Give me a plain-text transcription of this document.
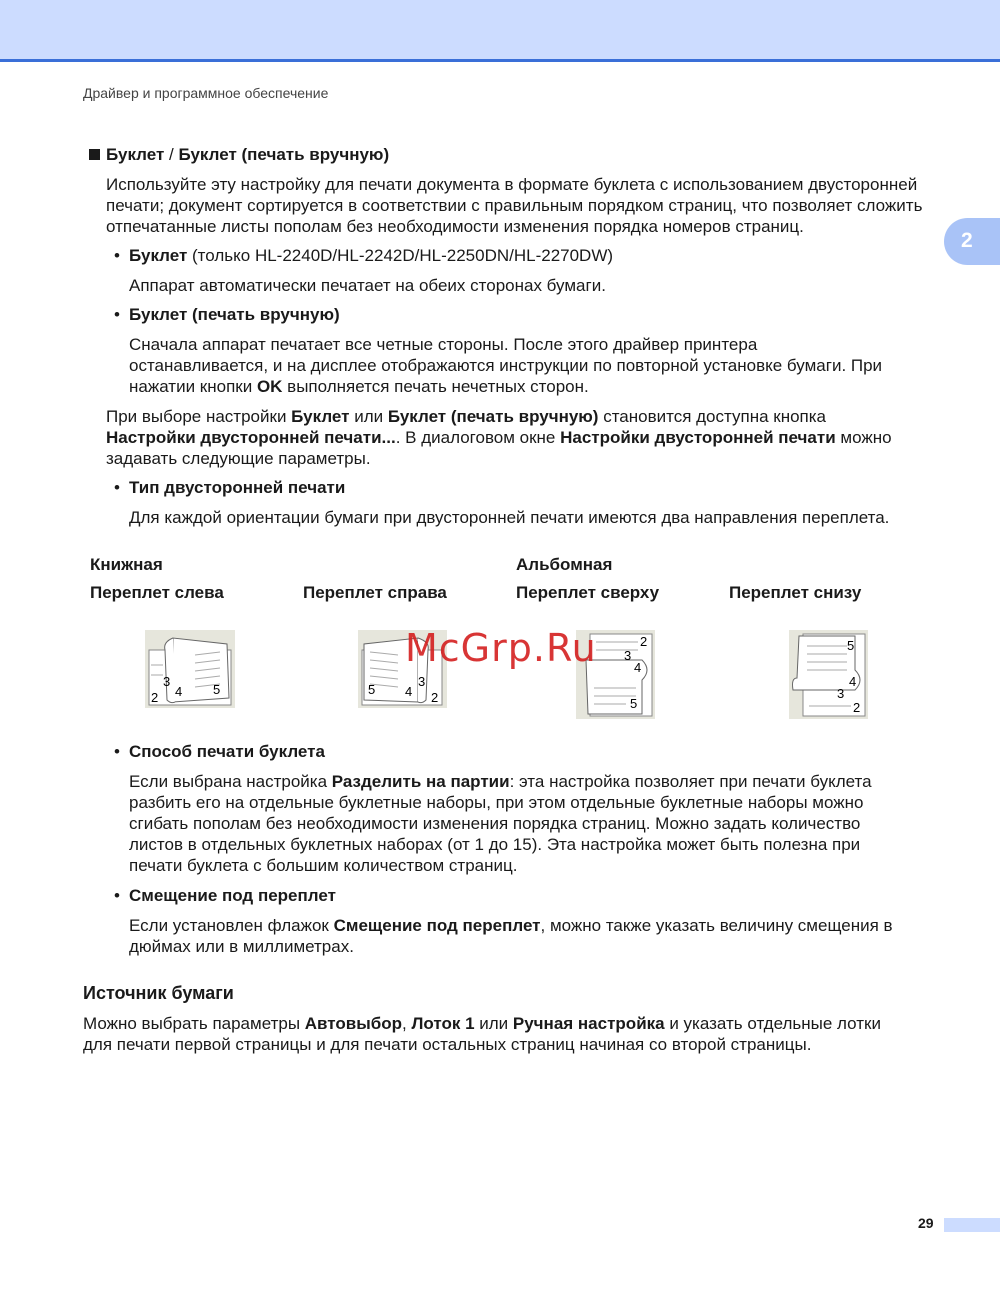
Драйвер и программное обеспечение
2
Буклет / Буклет (печать вручную)
Используйте эту настройку для печати документа в формате буклета с использованием двусторонней
печати; документ сортируется в соответствии с правильным порядком страниц, что позволяет сложить
отпечатанные листы пополам без необходимости изменения порядка номеров страниц.
• Буклет (только HL-2240D/HL-2242D/HL-2250DN/HL-2270DW)
Аппарат автоматически печатает на обеих сторонах бумаги.
• Буклет (печать вручную)
Сначала аппарат печатает все четные стороны. После этого драйвер принтера
останавливается, и на дисплее отображаются инструкции по повторной установке бумаги. При
нажатии кнопки OK выполняется печать нечетных сторон.
При выборе настройки Буклет или Буклет (печать вручную) становится доступна кнопка
Настройки двусторонней печати.... В диалоговом окне Настройки двусторонней печати можно
задавать следующие параметры.
• Тип двусторонней печати
Для каждой ориентации бумаги при двусторонней печати имеются два направления переплета.
Книжная	Альбомная
Переплет слева	Переплет справа	Переплет сверху	Переплет снизу
3
2 4 5	5 4
3
2
2
3
4
5
5
4
3
2
McGrp.Ru
• Способ печати буклета
Если выбрана настройка Разделить на партии: эта настройка позволяет при печати буклета
разбить его на отдельные буклетные наборы, при этом отдельные буклетные наборы можно
сгибать пополам без необходимости изменения порядка страниц. Можно задать количество
листов в отдельных буклетных наборах (от 1 до 15). Эта настройка может быть полезна при
печати буклета с большим количеством страниц.
• Смещение под переплет
Если установлен флажок Смещение под переплет, можно также указать величину смещения в
дюймах или в миллиметрах.
Источник бумаги
Можно выбрать параметры Автовыбор, Лоток 1 или Ручная настройка и указать отдельные лотки
для печати первой страницы и для печати остальных страниц начиная со второй страницы.
29
